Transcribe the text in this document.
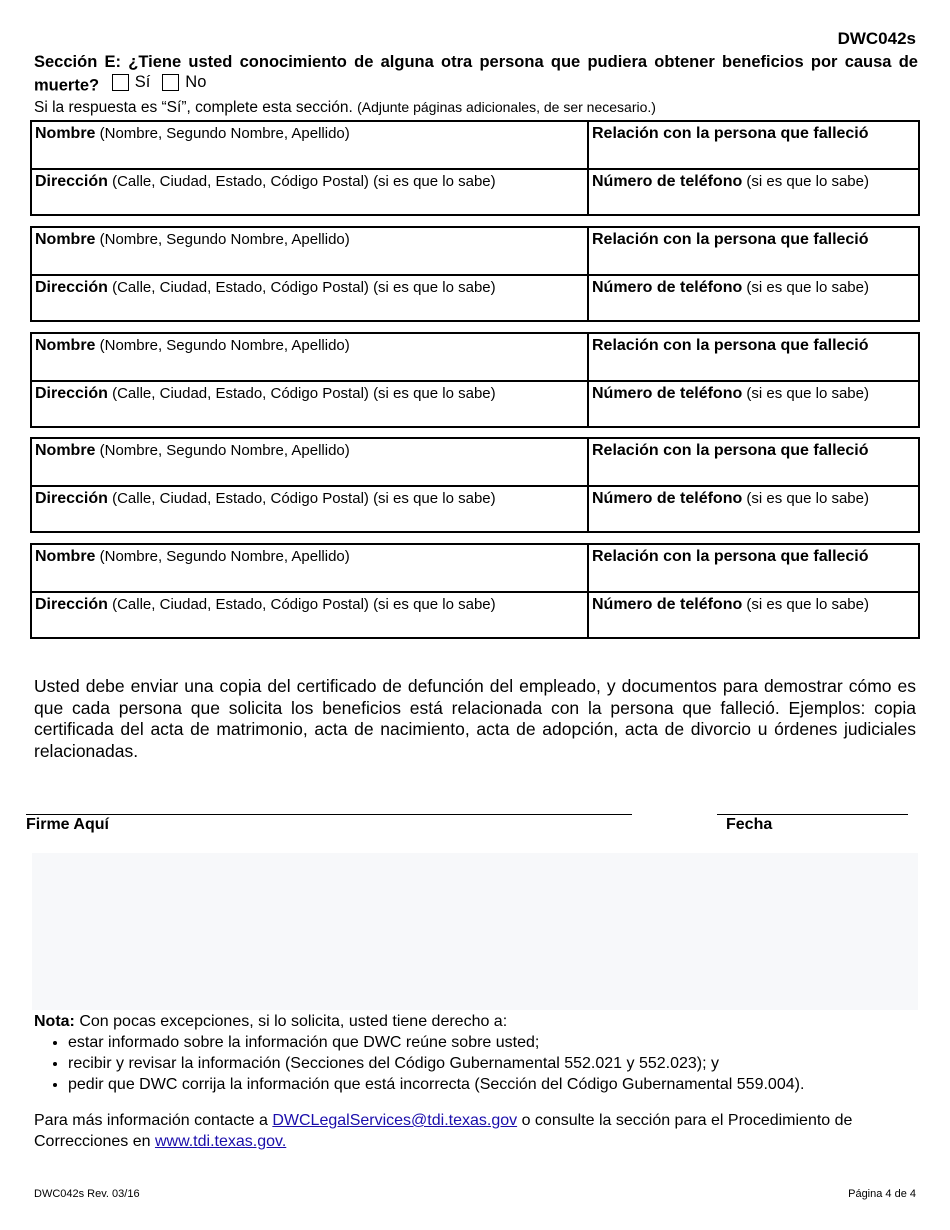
DWC042s
Sección E: ¿Tiene usted conocimiento de alguna otra persona que pudiera obtener beneficios por causa de muerte? Sí No
Si la respuesta es “Sí”, complete esta sección. (Adjunte páginas adicionales, de ser necesario.)
Nombre (Nombre, Segundo Nombre, Apellido)	Relación con la persona que falleció
Dirección (Calle, Ciudad, Estado, Código Postal) (si es que lo sabe)	Número de teléfono (si es que lo sabe)
Nombre (Nombre, Segundo Nombre, Apellido)	Relación con la persona que falleció
Dirección (Calle, Ciudad, Estado, Código Postal) (si es que lo sabe)	Número de teléfono (si es que lo sabe)
Nombre (Nombre, Segundo Nombre, Apellido)	Relación con la persona que falleció
Dirección (Calle, Ciudad, Estado, Código Postal) (si es que lo sabe)	Número de teléfono (si es que lo sabe)
Nombre (Nombre, Segundo Nombre, Apellido)	Relación con la persona que falleció
Dirección (Calle, Ciudad, Estado, Código Postal) (si es que lo sabe)	Número de teléfono (si es que lo sabe)
Nombre (Nombre, Segundo Nombre, Apellido)	Relación con la persona que falleció
Dirección (Calle, Ciudad, Estado, Código Postal) (si es que lo sabe)	Número de teléfono (si es que lo sabe)
Usted debe enviar una copia del certificado de defunción del empleado, y documentos para demostrar cómo es que cada persona que solicita los beneficios está relacionada con la persona que falleció. Ejemplos: copia certificada del acta de matrimonio, acta de nacimiento, acta de adopción, acta de divorcio u órdenes judiciales relacionadas.
Firme Aquí	Fecha
Nota: Con pocas excepciones, si lo solicita, usted tiene derecho a:
• estar informado sobre la información que DWC reúne sobre usted;
• recibir y revisar la información (Secciones del Código Gubernamental 552.021 y 552.023); y
• pedir que DWC corrija la información que está incorrecta (Sección del Código Gubernamental 559.004).
Para más información contacte a DWCLegalServices@tdi.texas.gov o consulte la sección para el Procedimiento de Correcciones en www.tdi.texas.gov.
DWC042s Rev. 03/16	Página 4 de 4
